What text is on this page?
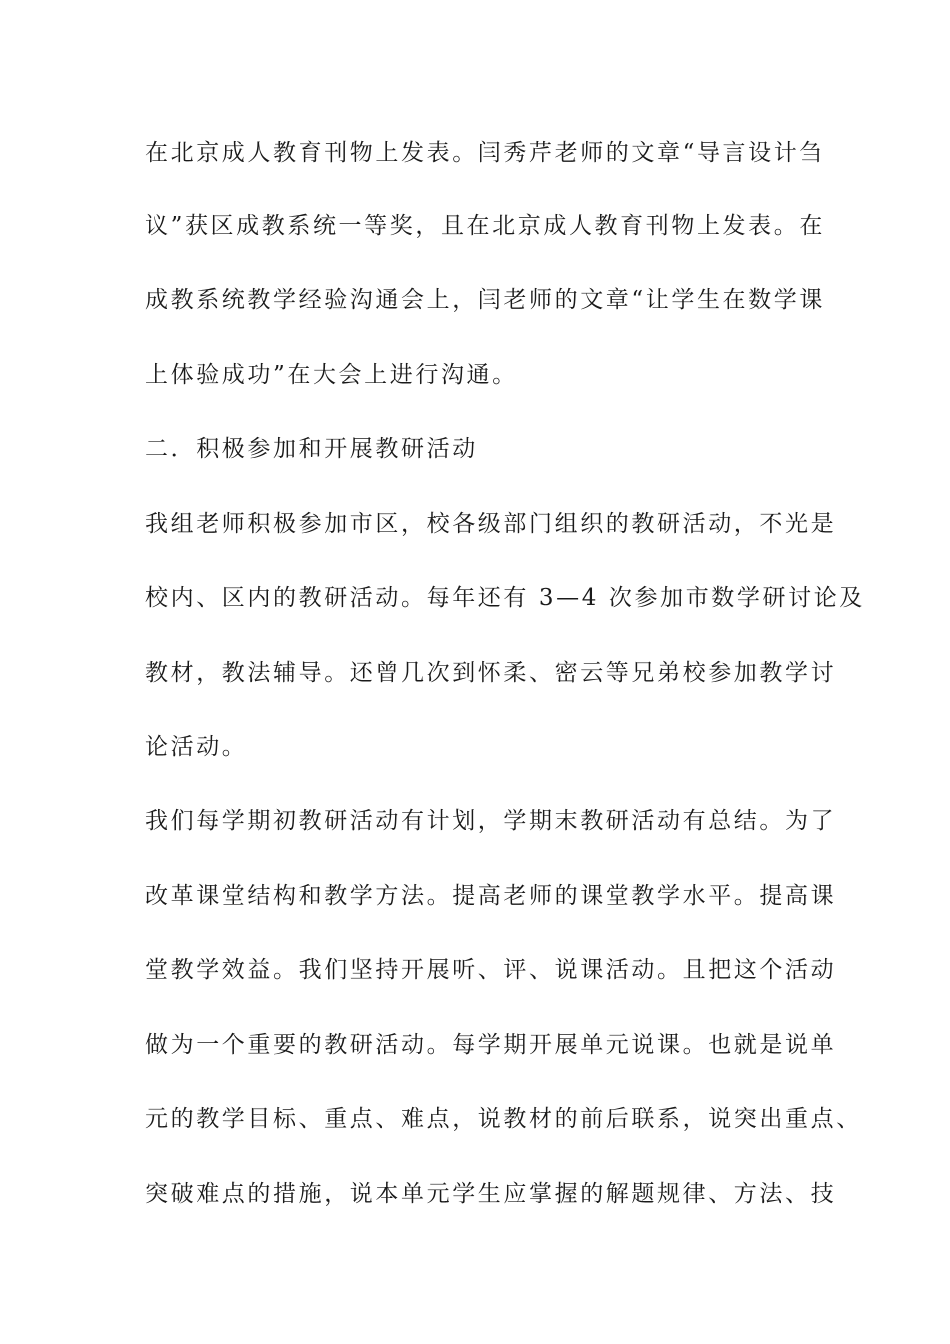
在北京成人教育刊物上发表。闫秀芹老师的文章“导言设计刍
议”获区成教系统一等奖，且在北京成人教育刊物上发表。在
成教系统教学经验沟通会上，闫老师的文章“让学生在数学课
上体验成功”在大会上进行沟通。
二．积极参加和开展教研活动
我组老师积极参加市区，校各级部门组织的教研活动，不光是
校内、区内的教研活动。每年还有 3—4 次参加市数学研讨论及
教材，教法辅导。还曾几次到怀柔、密云等兄弟校参加教学讨
论活动。
我们每学期初教研活动有计划，学期末教研活动有总结。为了
改革课堂结构和教学方法。提高老师的课堂教学水平。提高课
堂教学效益。我们坚持开展听、评、说课活动。且把这个活动
做为一个重要的教研活动。每学期开展单元说课。也就是说单
元的教学目标、重点、难点，说教材的前后联系，说突出重点、
突破难点的措施，说本单元学生应掌握的解题规律、方法、技
